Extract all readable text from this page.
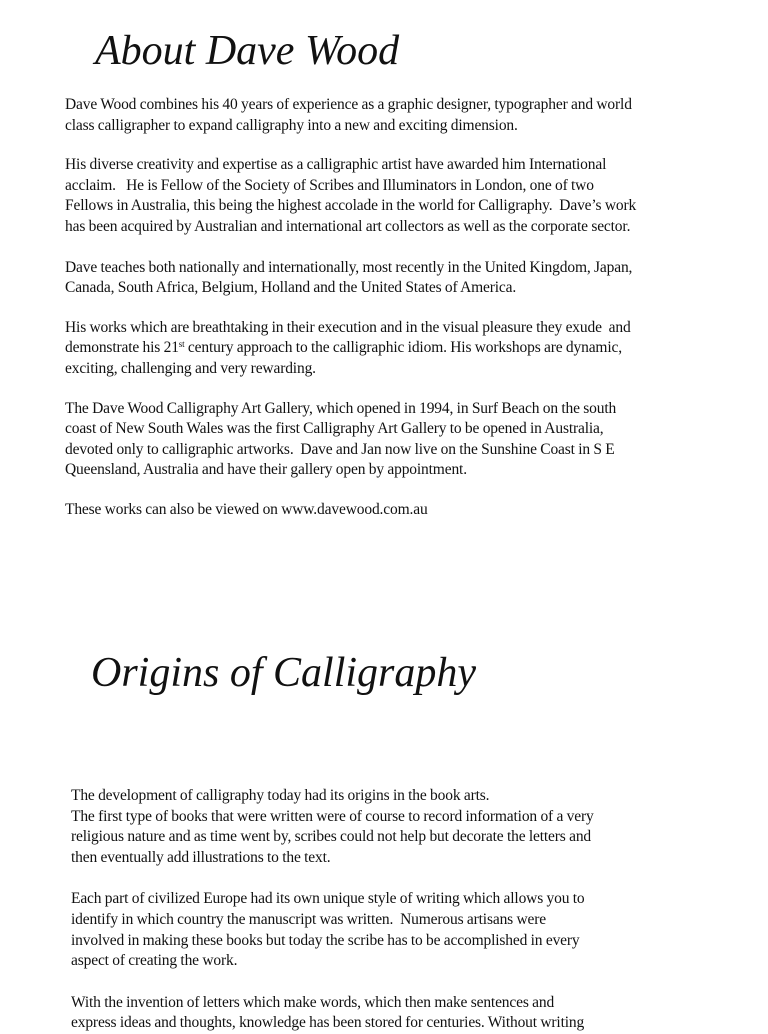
About Dave Wood
Dave Wood combines his 40 years of experience as a graphic designer, typographer and world
class calligrapher to expand calligraphy into a new and exciting dimension.
His diverse creativity and expertise as a calligraphic artist have awarded him International
acclaim.   He is Fellow of the Society of Scribes and Illuminators in London, one of two
Fellows in Australia, this being the highest accolade in the world for Calligraphy.  Dave’s work
has been acquired by Australian and international art collectors as well as the corporate sector.
Dave teaches both nationally and internationally, most recently in the United Kingdom, Japan,
Canada, South Africa, Belgium, Holland and the United States of America.
His works which are breathtaking in their execution and in the visual pleasure they exude  and
demonstrate his 21st century approach to the calligraphic idiom. His workshops are dynamic,
exciting, challenging and very rewarding.
The Dave Wood Calligraphy Art Gallery, which opened in 1994, in Surf Beach on the south
coast of New South Wales was the first Calligraphy Art Gallery to be opened in Australia,
devoted only to calligraphic artworks.  Dave and Jan now live on the Sunshine Coast in S E
Queensland, Australia and have their gallery open by appointment.
These works can also be viewed on www.davewood.com.au
Origins of Calligraphy
The development of calligraphy today had its origins in the book arts.
The first type of books that were written were of course to record information of a very
religious nature and as time went by, scribes could not help but decorate the letters and
then eventually add illustrations to the text.
Each part of civilized Europe had its own unique style of writing which allows you to
identify in which country the manuscript was written.  Numerous artisans were
involved in making these books but today the scribe has to be accomplished in every
aspect of creating the work.
With the invention of letters which make words, which then make sentences and
express ideas and thoughts, knowledge has been stored for centuries. Without writing
